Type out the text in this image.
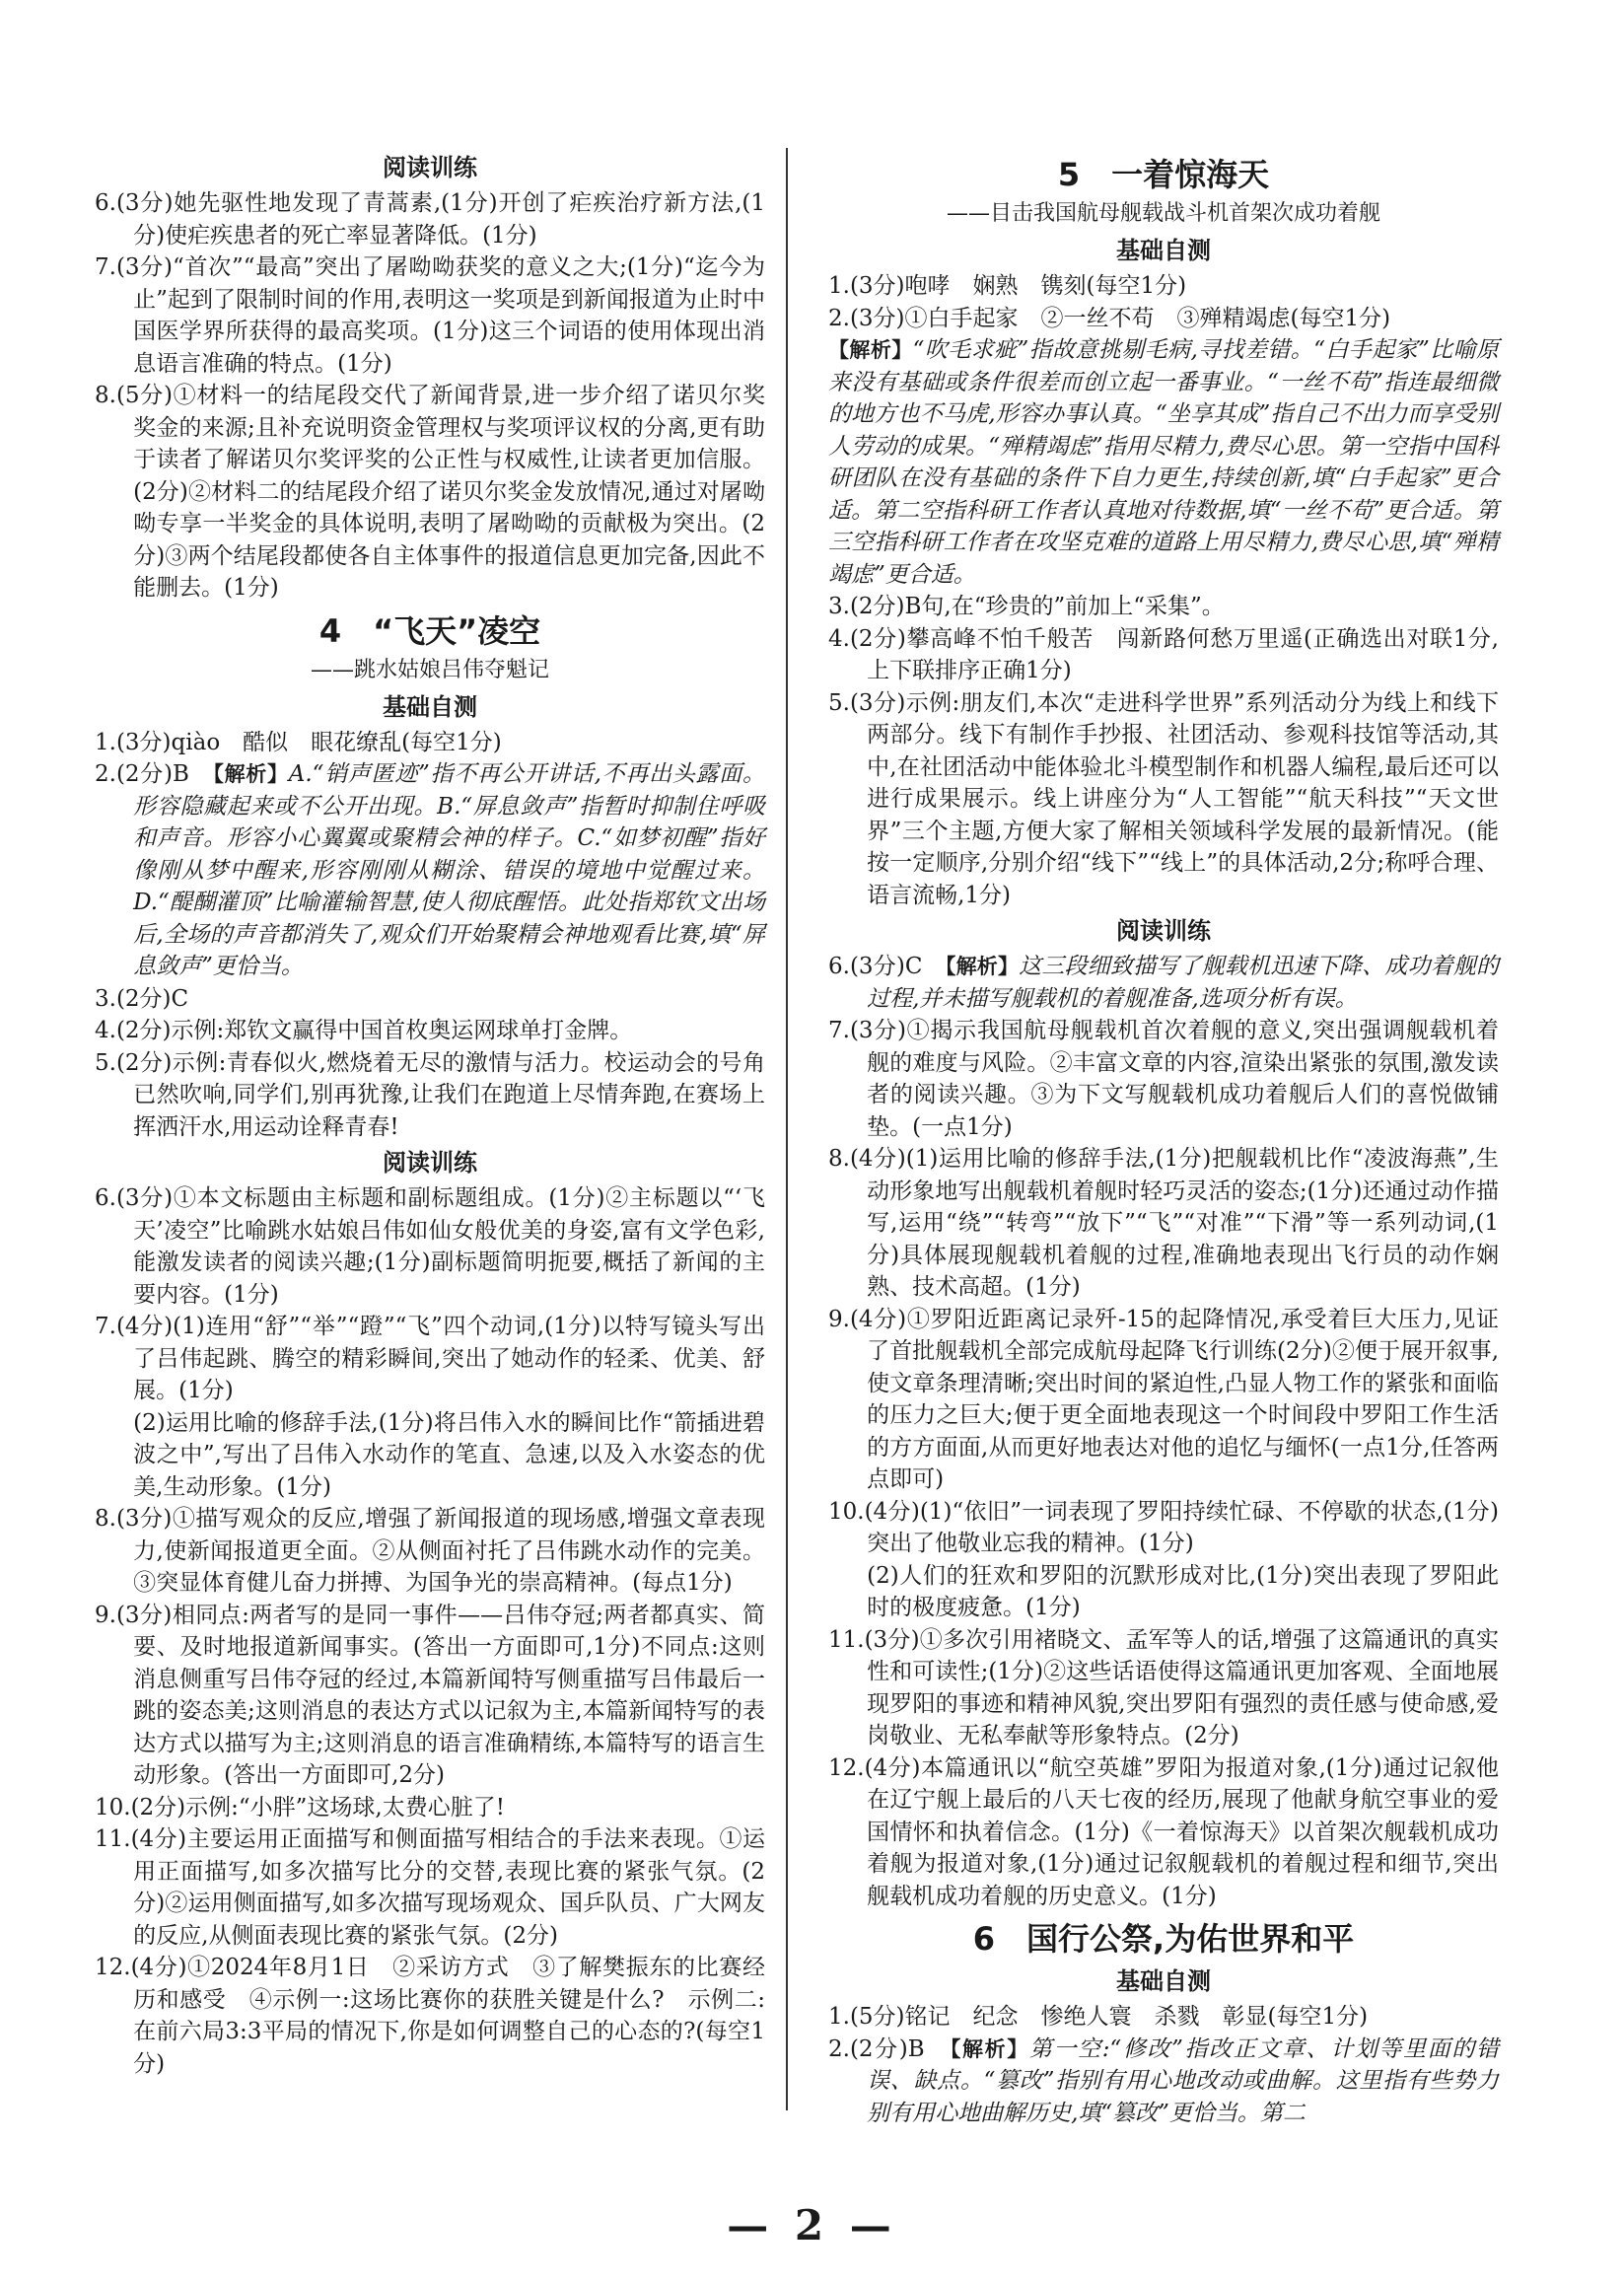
阅读训练
6.(3分)她先驱性地发现了青蒿素,(1分)开创了疟疾治疗新方法,(1分)使疟疾患者的死亡率显著降低。(1分)
7.(3分)“首次”“最高”突出了屠呦呦获奖的意义之大;(1分)“迄今为止”起到了限制时间的作用,表明这一奖项是到新闻报道为止时中国医学界所获得的最高奖项。(1分)这三个词语的使用体现出消息语言准确的特点。(1分)
8.(5分)①材料一的结尾段交代了新闻背景,进一步介绍了诺贝尔奖奖金的来源;且补充说明资金管理权与奖项评议权的分离,更有助于读者了解诺贝尔奖评奖的公正性与权威性,让读者更加信服。(2分)②材料二的结尾段介绍了诺贝尔奖金发放情况,通过对屠呦呦专享一半奖金的具体说明,表明了屠呦呦的贡献极为突出。(2分)③两个结尾段都使各自主体事件的报道信息更加完备,因此不能删去。(1分)
4　“飞天”凌空
——跳水姑娘吕伟夺魁记
基础自测
1.(3分)qiào　酷似　眼花缭乱(每空1分)
2.(2分)B　 【解析】A.“销声匿迹”指不再公开讲话,不再出头露面。形容隐藏起来或不公开出现。B.“屏息敛声”指暂时抑制住呼吸和声音。形容小心翼翼或聚精会神的样子。C.“如梦初醒”指好像刚从梦中醒来,形容刚刚从糊涂、错误的境地中觉醒过来。D.“醍醐灌顶”比喻灌输智慧,使人彻底醒悟。此处指郑钦文出场后,全场的声音都消失了,观众们开始聚精会神地观看比赛,填“屏息敛声”更恰当。
3.(2分)C
4.(2分)示例:郑钦文赢得中国首枚奥运网球单打金牌。
5.(2分)示例:青春似火,燃烧着无尽的激情与活力。校运动会的号角已然吹响,同学们,别再犹豫,让我们在跑道上尽情奔跑,在赛场上挥洒汗水,用运动诠释青春!
阅读训练
6.(3分)①本文标题由主标题和副标题组成。(1分)②主标题以“‘飞天’凌空”比喻跳水姑娘吕伟如仙女般优美的身姿,富有文学色彩,能激发读者的阅读兴趣;(1分)副标题简明扼要,概括了新闻的主要内容。(1分)
7.(4分)(1)连用“舒”“举”“蹬”“飞”四个动词,(1分)以特写镜头写出了吕伟起跳、腾空的精彩瞬间,突出了她动作的轻柔、优美、舒展。(1分)
(2)运用比喻的修辞手法,(1分)将吕伟入水的瞬间比作“箭插进碧波之中”,写出了吕伟入水动作的笔直、急速,以及入水姿态的优美,生动形象。(1分)
8.(3分)①描写观众的反应,增强了新闻报道的现场感,增强文章表现力,使新闻报道更全面。②从侧面衬托了吕伟跳水动作的完美。③突显体育健儿奋力拼搏、为国争光的崇高精神。(每点1分)
9.(3分)相同点:两者写的是同一事件——吕伟夺冠;两者都真实、简要、及时地报道新闻事实。(答出一方面即可,1分)不同点:这则消息侧重写吕伟夺冠的经过,本篇新闻特写侧重描写吕伟最后一跳的姿态美;这则消息的表达方式以记叙为主,本篇新闻特写的表达方式以描写为主;这则消息的语言准确精练,本篇特写的语言生动形象。(答出一方面即可,2分)
10.(2分)示例:“小胖”这场球,太费心脏了!
11.(4分)主要运用正面描写和侧面描写相结合的手法来表现。①运用正面描写,如多次描写比分的交替,表现比赛的紧张气氛。(2分)②运用侧面描写,如多次描写现场观众、国乒队员、广大网友的反应,从侧面表现比赛的紧张气氛。(2分)
12.(4分)①2024年8月1日　②采访方式　③了解樊振东的比赛经历和感受　④示例一:这场比赛你的获胜关键是什么?　示例二:在前六局3:3平局的情况下,你是如何调整自己的心态的?(每空1分)
5　一着惊海天
——目击我国航母舰载战斗机首架次成功着舰
基础自测
1.(3分)咆哮　娴熟　镌刻(每空1分)
2.(3分)①白手起家　②一丝不苟　③殚精竭虑(每空1分)
【解析】“吹毛求疵”指故意挑剔毛病,寻找差错。“白手起家”比喻原来没有基础或条件很差而创立起一番事业。“一丝不苟”指连最细微的地方也不马虎,形容办事认真。“坐享其成”指自己不出力而享受别人劳动的成果。“殚精竭虑”指用尽精力,费尽心思。第一空指中国科研团队在没有基础的条件下自力更生,持续创新,填“白手起家”更合适。第二空指科研工作者认真地对待数据,填“一丝不苟”更合适。第三空指科研工作者在攻坚克难的道路上用尽精力,费尽心思,填“殚精竭虑”更合适。
3.(2分)B句,在“珍贵的”前加上“采集”。
4.(2分)攀高峰不怕千般苦　闯新路何愁万里遥(正确选出对联1分,上下联排序正确1分)
5.(3分)示例:朋友们,本次“走进科学世界”系列活动分为线上和线下两部分。线下有制作手抄报、社团活动、参观科技馆等活动,其中,在社团活动中能体验北斗模型制作和机器人编程,最后还可以进行成果展示。线上讲座分为“人工智能”“航天科技”“天文世界”三个主题,方便大家了解相关领域科学发展的最新情况。(能按一定顺序,分别介绍“线下”“线上”的具体活动,2分;称呼合理、语言流畅,1分)
阅读训练
6.(3分)C　 【解析】这三段细致描写了舰载机迅速下降、成功着舰的过程,并未描写舰载机的着舰准备,选项分析有误。
7.(3分)①揭示我国航母舰载机首次着舰的意义,突出强调舰载机着舰的难度与风险。②丰富文章的内容,渲染出紧张的氛围,激发读者的阅读兴趣。③为下文写舰载机成功着舰后人们的喜悦做铺垫。(一点1分)
8.(4分)(1)运用比喻的修辞手法,(1分)把舰载机比作“凌波海燕”,生动形象地写出舰载机着舰时轻巧灵活的姿态;(1分)还通过动作描写,运用“绕”“转弯”“放下”“飞”“对准”“下滑”等一系列动词,(1分)具体展现舰载机着舰的过程,准确地表现出飞行员的动作娴熟、技术高超。(1分)
9.(4分)①罗阳近距离记录歼-15的起降情况,承受着巨大压力,见证了首批舰载机全部完成航母起降飞行训练(2分)②便于展开叙事,使文章条理清晰;突出时间的紧迫性,凸显人物工作的紧张和面临的压力之巨大;便于更全面地表现这一个时间段中罗阳工作生活的方方面面,从而更好地表达对他的追忆与缅怀(一点1分,任答两点即可)
10.(4分)(1)“依旧”一词表现了罗阳持续忙碌、不停歇的状态,(1分)突出了他敬业忘我的精神。(1分)
(2)人们的狂欢和罗阳的沉默形成对比,(1分)突出表现了罗阳此时的极度疲惫。(1分)
11.(3分)①多次引用褚晓文、孟军等人的话,增强了这篇通讯的真实性和可读性;(1分)②这些话语使得这篇通讯更加客观、全面地展现罗阳的事迹和精神风貌,突出罗阳有强烈的责任感与使命感,爱岗敬业、无私奉献等形象特点。(2分)
12.(4分)本篇通讯以“航空英雄”罗阳为报道对象,(1分)通过记叙他在辽宁舰上最后的八天七夜的经历,展现了他献身航空事业的爱国情怀和执着信念。(1分)《一着惊海天》以首架次舰载机成功着舰为报道对象,(1分)通过记叙舰载机的着舰过程和细节,突出舰载机成功着舰的历史意义。(1分)
6　国行公祭,为佑世界和平
基础自测
1.(5分)铭记　纪念　惨绝人寰　杀戮　彰显(每空1分)
2.(2分)B　 【解析】第一空:“修改”指改正文章、计划等里面的错误、缺点。“篡改”指别有用心地改动或曲解。这里指有些势力别有用心地曲解历史,填“篡改”更恰当。第二
— 2 —
